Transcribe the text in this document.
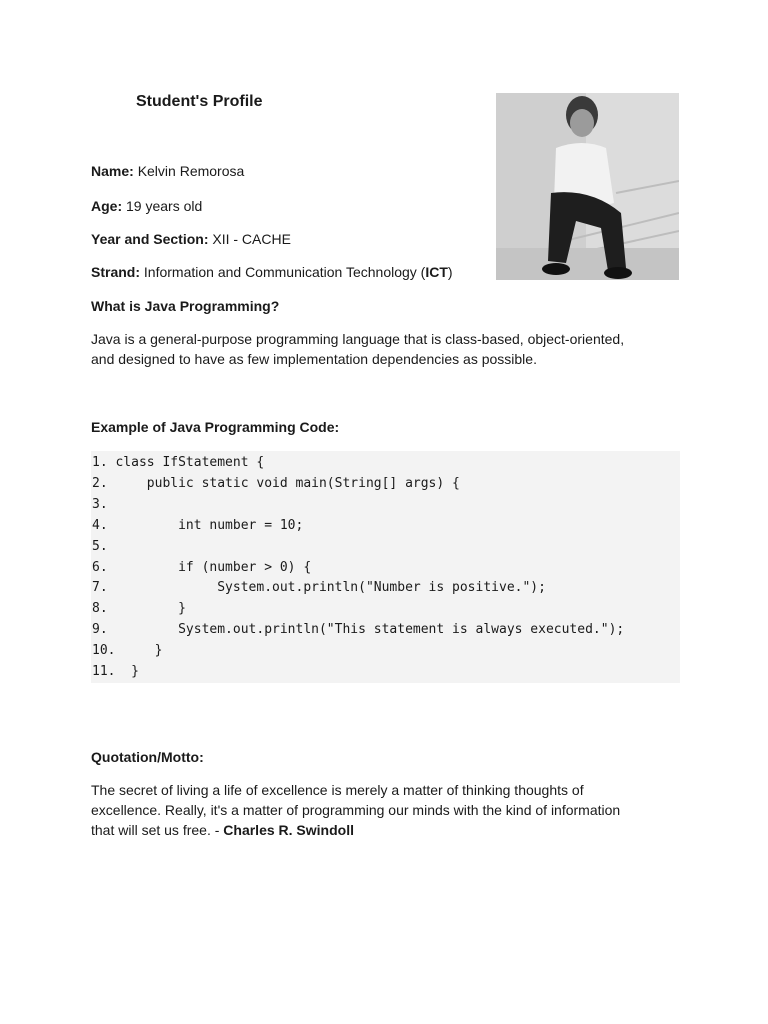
Student's Profile

Name: Kelvin Remorosa

Age: 19 years old

Year and Section: XII - CACHE

Strand: Information and Communication Technology (ICT)

What is Java Programming?

Java is a general-purpose programming language that is class-based, object-oriented,
and designed to have as few implementation dependencies as possible.

Example of Java Programming Code:

1. class IfStatement {
2.     public static void main(String[] args) {
3.
4.         int number = 10;
5.
6.         if (number > 0) {
7.              System.out.println("Number is positive.");
8.         }
9.         System.out.println("This statement is always executed.");
10.     }
11.  }

Quotation/Motto:

The secret of living a life of excellence is merely a matter of thinking thoughts of
excellence. Really, it's a matter of programming our minds with the kind of information
that will set us free. - Charles R. Swindoll
